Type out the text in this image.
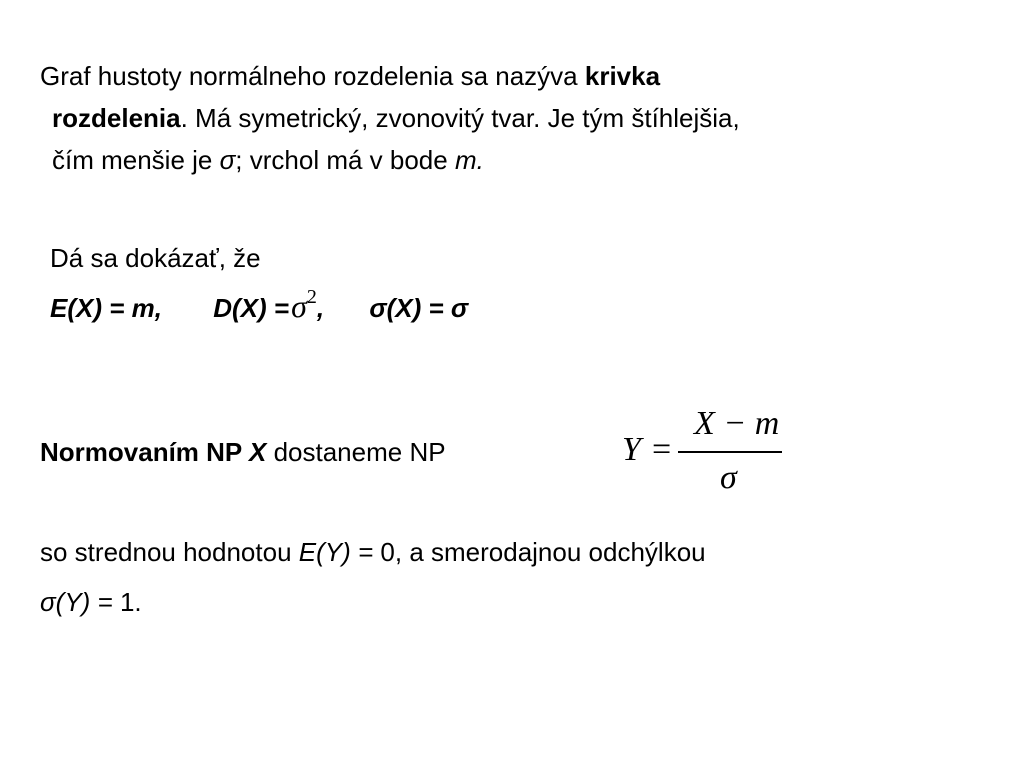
Graf hustoty normálneho rozdelenia sa nazýva krivka
rozdelenia. Má symetrický, zvonovitý tvar. Je tým štíhlejšia,
čím menšie je σ; vrchol má v bode m.
Dá sa dokázať, že
E(X) = m, $D(X) =\sigma^2$, σ(X) = σ
Normovaním NP X dostaneme NP	Y =
X − m
σ
so strednou hodnotou E(Y) = 0, a smerodajnou odchýlkou
σ(Y) = 1.
